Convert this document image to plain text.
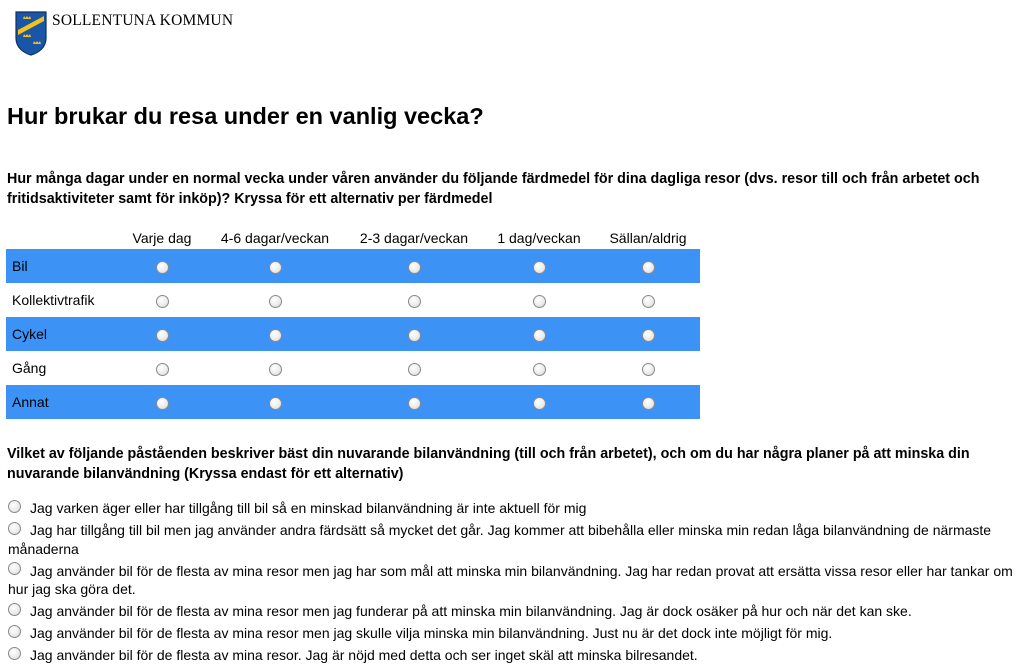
SOLLENTUNA KOMMUN
Hur brukar du resa under en vanlig vecka?

Hur många dagar under en normal vecka under våren använder du följande färdmedel för dina dagliga resor (dvs. resor till och från arbetet och fritidsaktiviteter samt för inköp)? Kryssa för ett alternativ per färdmedel

	Varje dag	4-6 dagar/veckan	2-3 dagar/veckan	1 dag/veckan	Sällan/aldrig
Bil					
Kollektivtrafik					
Cykel					
Gång					
Annat					

Vilket av följande påståenden beskriver bäst din nuvarande bilanvändning (till och från arbetet), och om du har några planer på att minska din nuvarande bilanvändning (Kryssa endast för ett alternativ)

Jag varken äger eller har tillgång till bil så en minskad bilanvändning är inte aktuell för mig
Jag har tillgång till bil men jag använder andra färdsätt så mycket det går. Jag kommer att bibehålla eller minska min redan låga bilanvändning de närmaste månaderna
Jag använder bil för de flesta av mina resor men jag har som mål att minska min bilanvändning. Jag har redan provat att ersätta vissa resor eller har tankar om hur jag ska göra det.
Jag använder bil för de flesta av mina resor men jag funderar på att minska min bilanvändning. Jag är dock osäker på hur och när det kan ske.
Jag använder bil för de flesta av mina resor men jag skulle vilja minska min bilanvändning. Just nu är det dock inte möjligt för mig.
Jag använder bil för de flesta av mina resor. Jag är nöjd med detta och ser inget skäl att minska bilresandet.
